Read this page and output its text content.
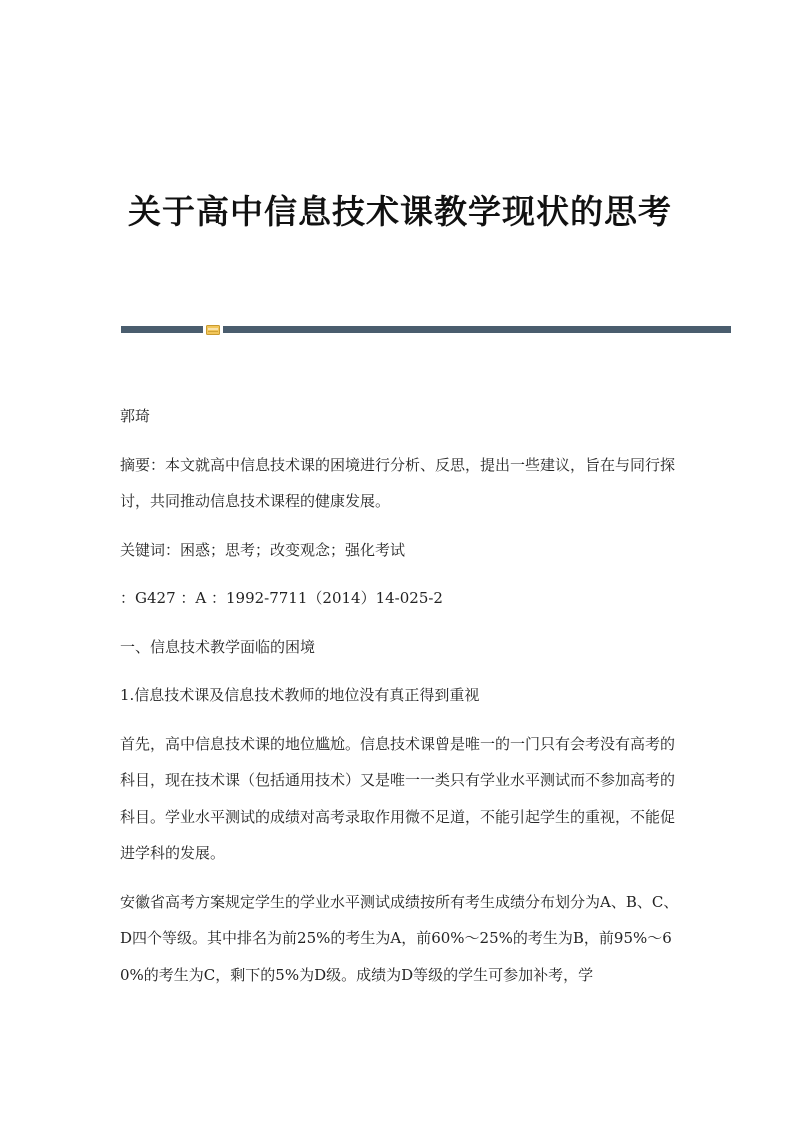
关于高中信息技术课教学现状的思考

郭琦

摘要：本文就高中信息技术课的困境进行分析、反思，提出一些建议，旨在与同行探讨，共同推动信息技术课程的健康发展。

关键词：困惑；思考；改变观念；强化考试

：G427 ：A ：1992-7711（2014）14-025-2

一、信息技术教学面临的困境

1.信息技术课及信息技术教师的地位没有真正得到重视

首先，高中信息技术课的地位尴尬。信息技术课曾是唯一的一门只有会考没有高考的科目，现在技术课（包括通用技术）又是唯一一类只有学业水平测试而不参加高考的科目。学业水平测试的成绩对高考录取作用微不足道，不能引起学生的重视，不能促进学科的发展。

安徽省高考方案规定学生的学业水平测试成绩按所有考生成绩分布划分为A、B、C、D四个等级。其中排名为前25%的考生为A，前60%～25%的考生为B，前95%～60%的考生为C，剩下的5%为D级。成绩为D等级的学生可参加补考，学
